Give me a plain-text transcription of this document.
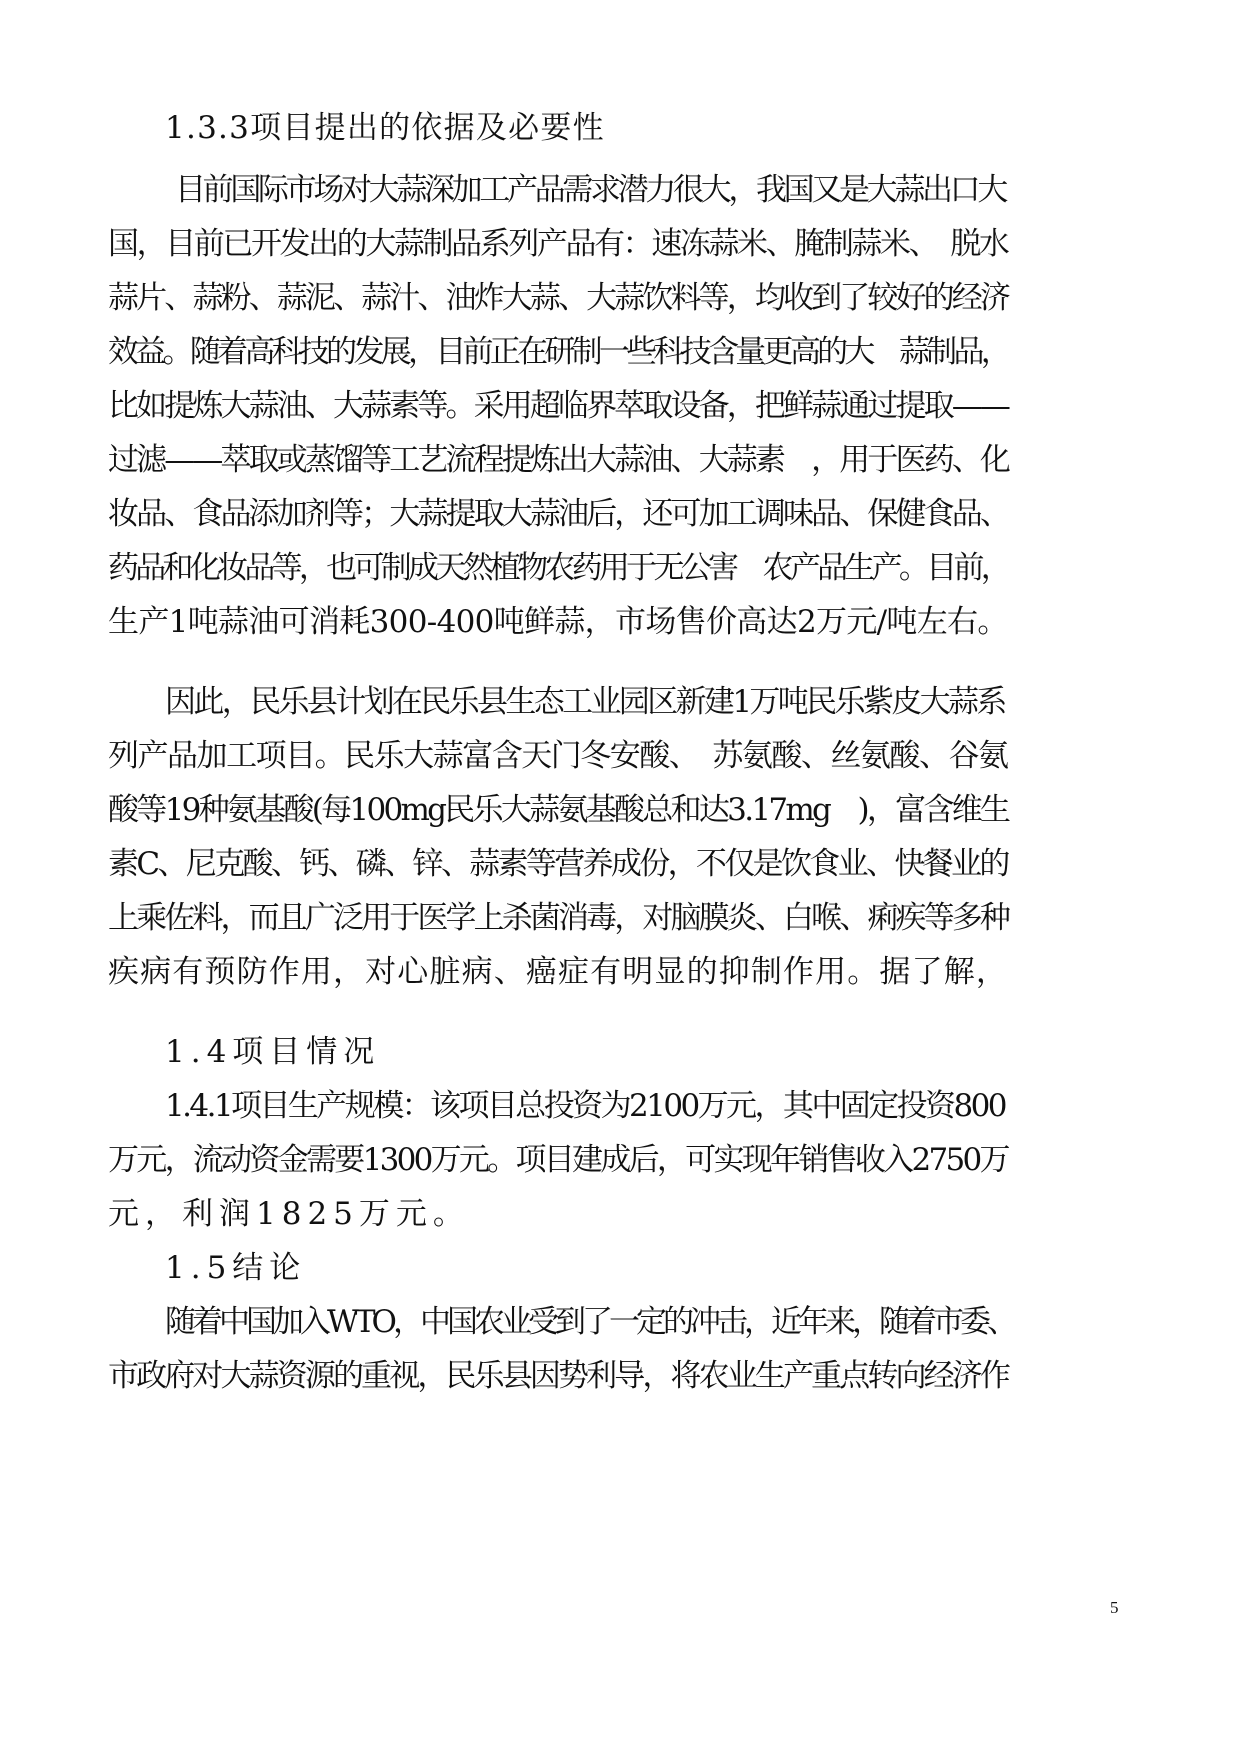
1.3.3项目提出的依据及必要性
目前国际市场对大蒜深加工产品需求潜力很大，我国又是大蒜出口大
国，目前已开发出的大蒜制品系列产品有：速冻蒜米、腌制蒜米、　脱水
蒜片、蒜粉、蒜泥、蒜汁、油炸大蒜、大蒜饮料等，均收到了较好的经济
效益。随着高科技的发展，目前正在研制一些科技含量更高的大　蒜制品，
比如提炼大蒜油、大蒜素等。采用超临界萃取设备，把鲜蒜通过提取——
过滤——萃取或蒸馏等工艺流程提炼出大蒜油、大蒜素　，用于医药、化
妆品、食品添加剂等；大蒜提取大蒜油后，还可加工调味品、保健食品、
药品和化妆品等，也可制成天然植物农药用于无公害　农产品生产。目前，
生产1吨蒜油可消耗300-400吨鲜蒜，市场售价高达2万元/吨左右。
因此，民乐县计划在民乐县生态工业园区新建1万吨民乐紫皮大蒜系
列产品加工项目。民乐大蒜富含天门冬安酸、　苏氨酸、丝氨酸、谷氨
酸等19种氨基酸(每100mg民乐大蒜氨基酸总和达3.17mg　)，富含维生
素C、尼克酸、钙、磷、锌、蒜素等营养成份，不仅是饮食业、快餐业的
上乘佐料，而且广泛用于医学上杀菌消毒，对脑膜炎、白喉、痢疾等多种
疾病有预防作用，对心脏病、癌症有明显的抑制作用。据了解，
1.4项目情况
1.4.1项目生产规模：该项目总投资为2100万元，其中固定投资800
万元，流动资金需要1300万元。项目建成后，可实现年销售收入2750万
元，利润1825万元。
1.5结论
随着中国加入WTO，中国农业受到了一定的冲击，近年来，随着市委、
市政府对大蒜资源的重视，民乐县因势利导，将农业生产重点转向经济作
5
